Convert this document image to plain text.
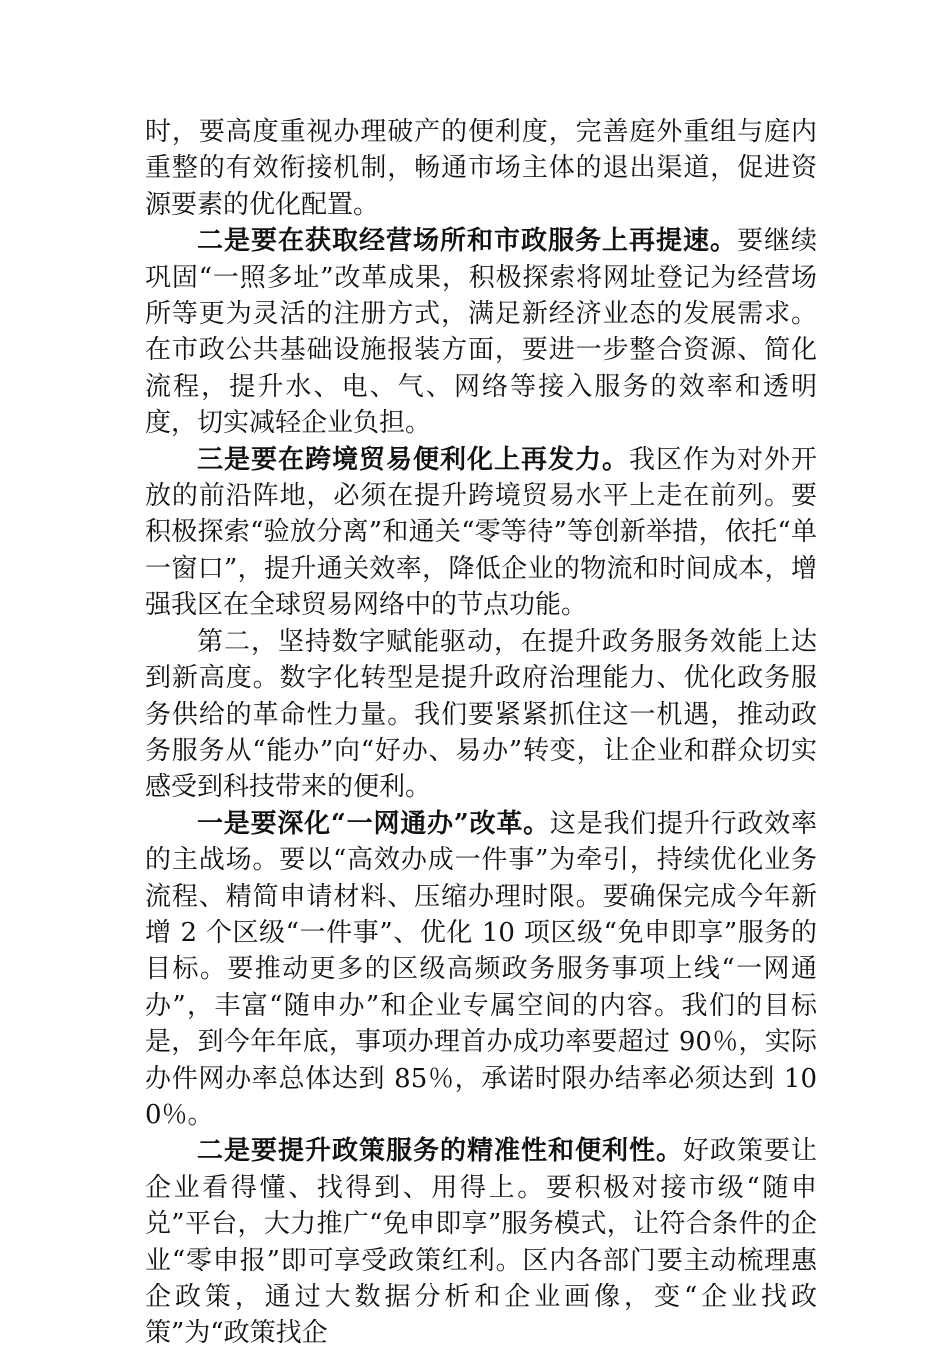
时，要高度重视办理破产的便利度，完善庭外重组与庭内重整的有效衔接机制，畅通市场主体的退出渠道，促进资源要素的优化配置。

二是要在获取经营场所和市政服务上再提速。要继续巩固“一照多址”改革成果，积极探索将网址登记为经营场所等更为灵活的注册方式，满足新经济业态的发展需求。在市政公共基础设施报装方面，要进一步整合资源、简化流程，提升水、电、气、网络等接入服务的效率和透明度，切实减轻企业负担。

三是要在跨境贸易便利化上再发力。我区作为对外开放的前沿阵地，必须在提升跨境贸易水平上走在前列。要积极探索“验放分离”和通关“零等待”等创新举措，依托“单一窗口”，提升通关效率，降低企业的物流和时间成本，增强我区在全球贸易网络中的节点功能。

第二，坚持数字赋能驱动，在提升政务服务效能上达到新高度。数字化转型是提升政府治理能力、优化政务服务供给的革命性力量。我们要紧紧抓住这一机遇，推动政务服务从“能办”向“好办、易办”转变，让企业和群众切实感受到科技带来的便利。

一是要深化“一网通办”改革。这是我们提升行政效率的主战场。要以“高效办成一件事”为牵引，持续优化业务流程、精简申请材料、压缩办理时限。要确保完成今年新增 2 个区级“一件事”、优化 10 项区级“免申即享”服务的目标。要推动更多的区级高频政务服务事项上线“一网通办”，丰富“随申办”和企业专属空间的内容。我们的目标是，到今年年底，事项办理首办成功率要超过 90％，实际办件网办率总体达到 85％，承诺时限办结率必须达到 100％。

二是要提升政策服务的精准性和便利性。好政策要让企业看得懂、找得到、用得上。要积极对接市级“随申兑”平台，大力推广“免申即享”服务模式，让符合条件的企业“零申报”即可享受政策红利。区内各部门要主动梳理惠企政策，通过大数据分析和企业画像，变“企业找政策”为“政策找企
